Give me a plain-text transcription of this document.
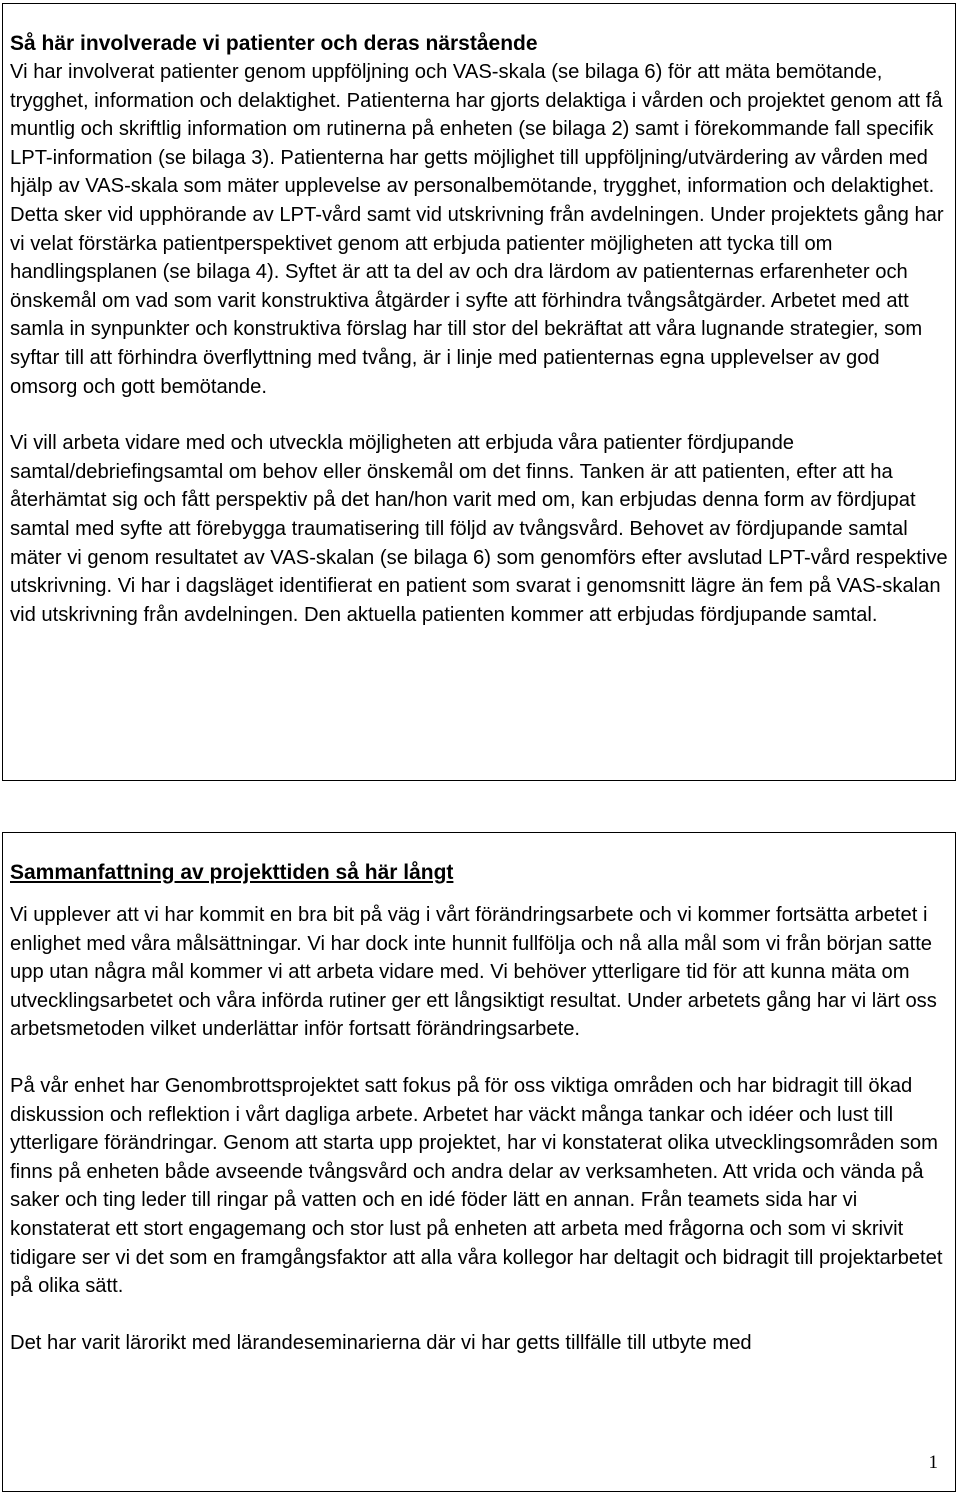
Så här involverade vi patienter och deras närstående

Vi har involverat patienter genom uppföljning och VAS-skala (se bilaga 6) för att mäta bemötande, trygghet, information och delaktighet. Patienterna har gjorts delaktiga i vården och projektet genom att få muntlig och skriftlig information om rutinerna på enheten (se bilaga 2) samt i förekommande fall specifik LPT-information (se bilaga 3). Patienterna har getts möjlighet till uppföljning/utvärdering av vården med hjälp av VAS-skala som mäter upplevelse av personalbemötande, trygghet, information och delaktighet. Detta sker vid upphörande av LPT-vård samt vid utskrivning från avdelningen. Under projektets gång har vi velat förstärka patientperspektivet genom att erbjuda patienter möjligheten att tycka till om handlingsplanen (se bilaga 4). Syftet är att ta del av och dra lärdom av patienternas erfarenheter och önskemål om vad som varit konstruktiva åtgärder i syfte att förhindra tvångsåtgärder. Arbetet med att samla in synpunkter och konstruktiva förslag har till stor del bekräftat att våra lugnande strategier, som syftar till att förhindra överflyttning med tvång, är i linje med patienternas egna upplevelser av god omsorg och gott bemötande.

Vi vill arbeta vidare med och utveckla möjligheten att erbjuda våra patienter fördjupande samtal/debriefingsamtal om behov eller önskemål om det finns. Tanken är att patienten, efter att ha återhämtat sig och fått perspektiv på det han/hon varit med om, kan erbjudas denna form av fördjupat samtal med syfte att förebygga traumatisering till följd av tvångsvård. Behovet av fördjupande samtal mäter vi genom resultatet av VAS-skalan (se bilaga 6) som genomförs efter avslutad LPT-vård respektive utskrivning. Vi har i dagsläget identifierat en patient som svarat i genomsnitt lägre än fem på VAS-skalan vid utskrivning från avdelningen. Den aktuella patienten kommer att erbjudas fördjupande samtal.

Sammanfattning av projekttiden så här långt

Vi upplever att vi har kommit en bra bit på väg i vårt förändringsarbete och vi kommer fortsätta arbetet i enlighet med våra målsättningar. Vi har dock inte hunnit fullfölja och nå alla mål som vi från början satte upp utan några mål kommer vi att arbeta vidare med. Vi behöver ytterligare tid för att kunna mäta om utvecklingsarbetet och våra införda rutiner ger ett långsiktigt resultat. Under arbetets gång har vi lärt oss arbetsmetoden vilket underlättar inför fortsatt förändringsarbete.

På vår enhet har Genombrottsprojektet satt fokus på för oss viktiga områden och har bidragit till ökad diskussion och reflektion i vårt dagliga arbete. Arbetet har väckt många tankar och idéer och lust till ytterligare förändringar. Genom att starta upp projektet, har vi konstaterat olika utvecklingsområden som finns på enheten både avseende tvångsvård och andra delar av verksamheten. Att vrida och vända på saker och ting leder till ringar på vatten och en idé föder lätt en annan. Från teamets sida har vi konstaterat ett stort engagemang och stor lust på enheten att arbeta med frågorna och som vi skrivit tidigare ser vi det som en framgångsfaktor att alla våra kollegor har deltagit och bidragit till projektarbetet på olika sätt.

Det har varit lärorikt med lärandeseminarierna där vi har getts tillfälle till utbyte med

1
